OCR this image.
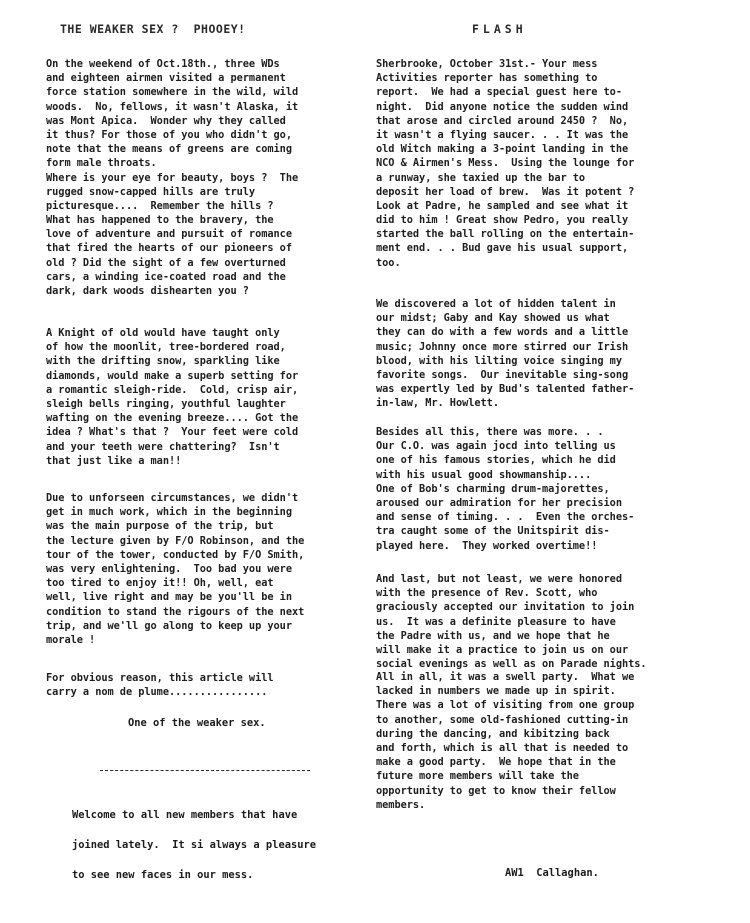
THE WEAKER SEX ?  PHOOEY!	FLASH
On the weekend of Oct.18th., three WDs
and eighteen airmen visited a permanent
force station somewhere in the wild, wild
woods.  No, fellows, it wasn't Alaska, it
was Mont Apica.  Wonder why they called
it thus? For those of you who didn't go,
note that the means of greens are coming
form male throats.
Where is your eye for beauty, boys ?  The
rugged snow-capped hills are truly
picturesque....  Remember the hills ?
What has happened to the bravery, the
love of adventure and pursuit of romance
that fired the hearts of our pioneers of
old ? Did the sight of a few overturned
cars, a winding ice-coated road and the
dark, dark woods dishearten you ?
A Knight of old would have taught only
of how the moonlit, tree-bordered road,
with the drifting snow, sparkling like
diamonds, would make a superb setting for
a romantic sleigh-ride.  Cold, crisp air,
sleigh bells ringing, youthful laughter
wafting on the evening breeze.... Got the
idea ? What's that ?  Your feet were cold
and your teeth were chattering?  Isn't
that just like a man!!
Due to unforseen circumstances, we didn't
get in much work, which in the beginning
was the main purpose of the trip, but
the lecture given by F/O Robinson, and the
tour of the tower, conducted by F/O Smith,
was very enlightening.  Too bad you were
too tired to enjoy it!! Oh, well, eat
well, live right and may be you'll be in
condition to stand the rigours of the next
trip, and we'll go along to keep up your
morale !
For obvious reason, this article will
carry a nom de plume................
Sherbrooke, October 31st.- Your mess
Activities reporter has something to
report.  We had a special guest here to-
night.  Did anyone notice the sudden wind
that arose and circled around 2450 ?  No,
it wasn't a flying saucer. . . It was the
old Witch making a 3-point landing in the
NCO & Airmen's Mess.  Using the lounge for
a runway, she taxied up the bar to
deposit her load of brew.  Was it potent ?
Look at Padre, he sampled and see what it
did to him ! Great show Pedro, you really
started the ball rolling on the entertain-
ment end. . . Bud gave his usual support,
too.
We discovered a lot of hidden talent in
our midst; Gaby and Kay showed us what
they can do with a few words and a little
music; Johnny once more stirred our Irish
blood, with his lilting voice singing my
favorite songs.  Our inevitable sing-song
was expertly led by Bud's talented father-
in-law, Mr. Howlett.
Besides all this, there was more. . .
Our C.O. was again jocd into telling us
one of his famous stories, which he did
with his usual good showmanship....
One of Bob's charming drum-majorettes,
aroused our admiration for her precision
and sense of timing. . .  Even the orches-
tra caught some of the Unitspirit dis-
played here.  They worked overtime!!
And last, but not least, we were honored
with the presence of Rev. Scott, who
graciously accepted our invitation to join
us.  It was a definite pleasure to have
the Padre with us, and we hope that he
will make it a practice to join us on our
social evenings as well as on Parade nights.
All in all, it was a swell party.  What we
lacked in numbers we made up in spirit.
There was a lot of visiting from one group
to another, some old-fashioned cutting-in
during the dancing, and kibitzing back
and forth, which is all that is needed to
make a good party.  We hope that in the
future more members will take the
opportunity to get to know their fellow
members.
One of the weaker sex.
Welcome to all new members that have
joined lately.  It si always a pleasure
to see new faces in our mess.	AW1  Callaghan.
